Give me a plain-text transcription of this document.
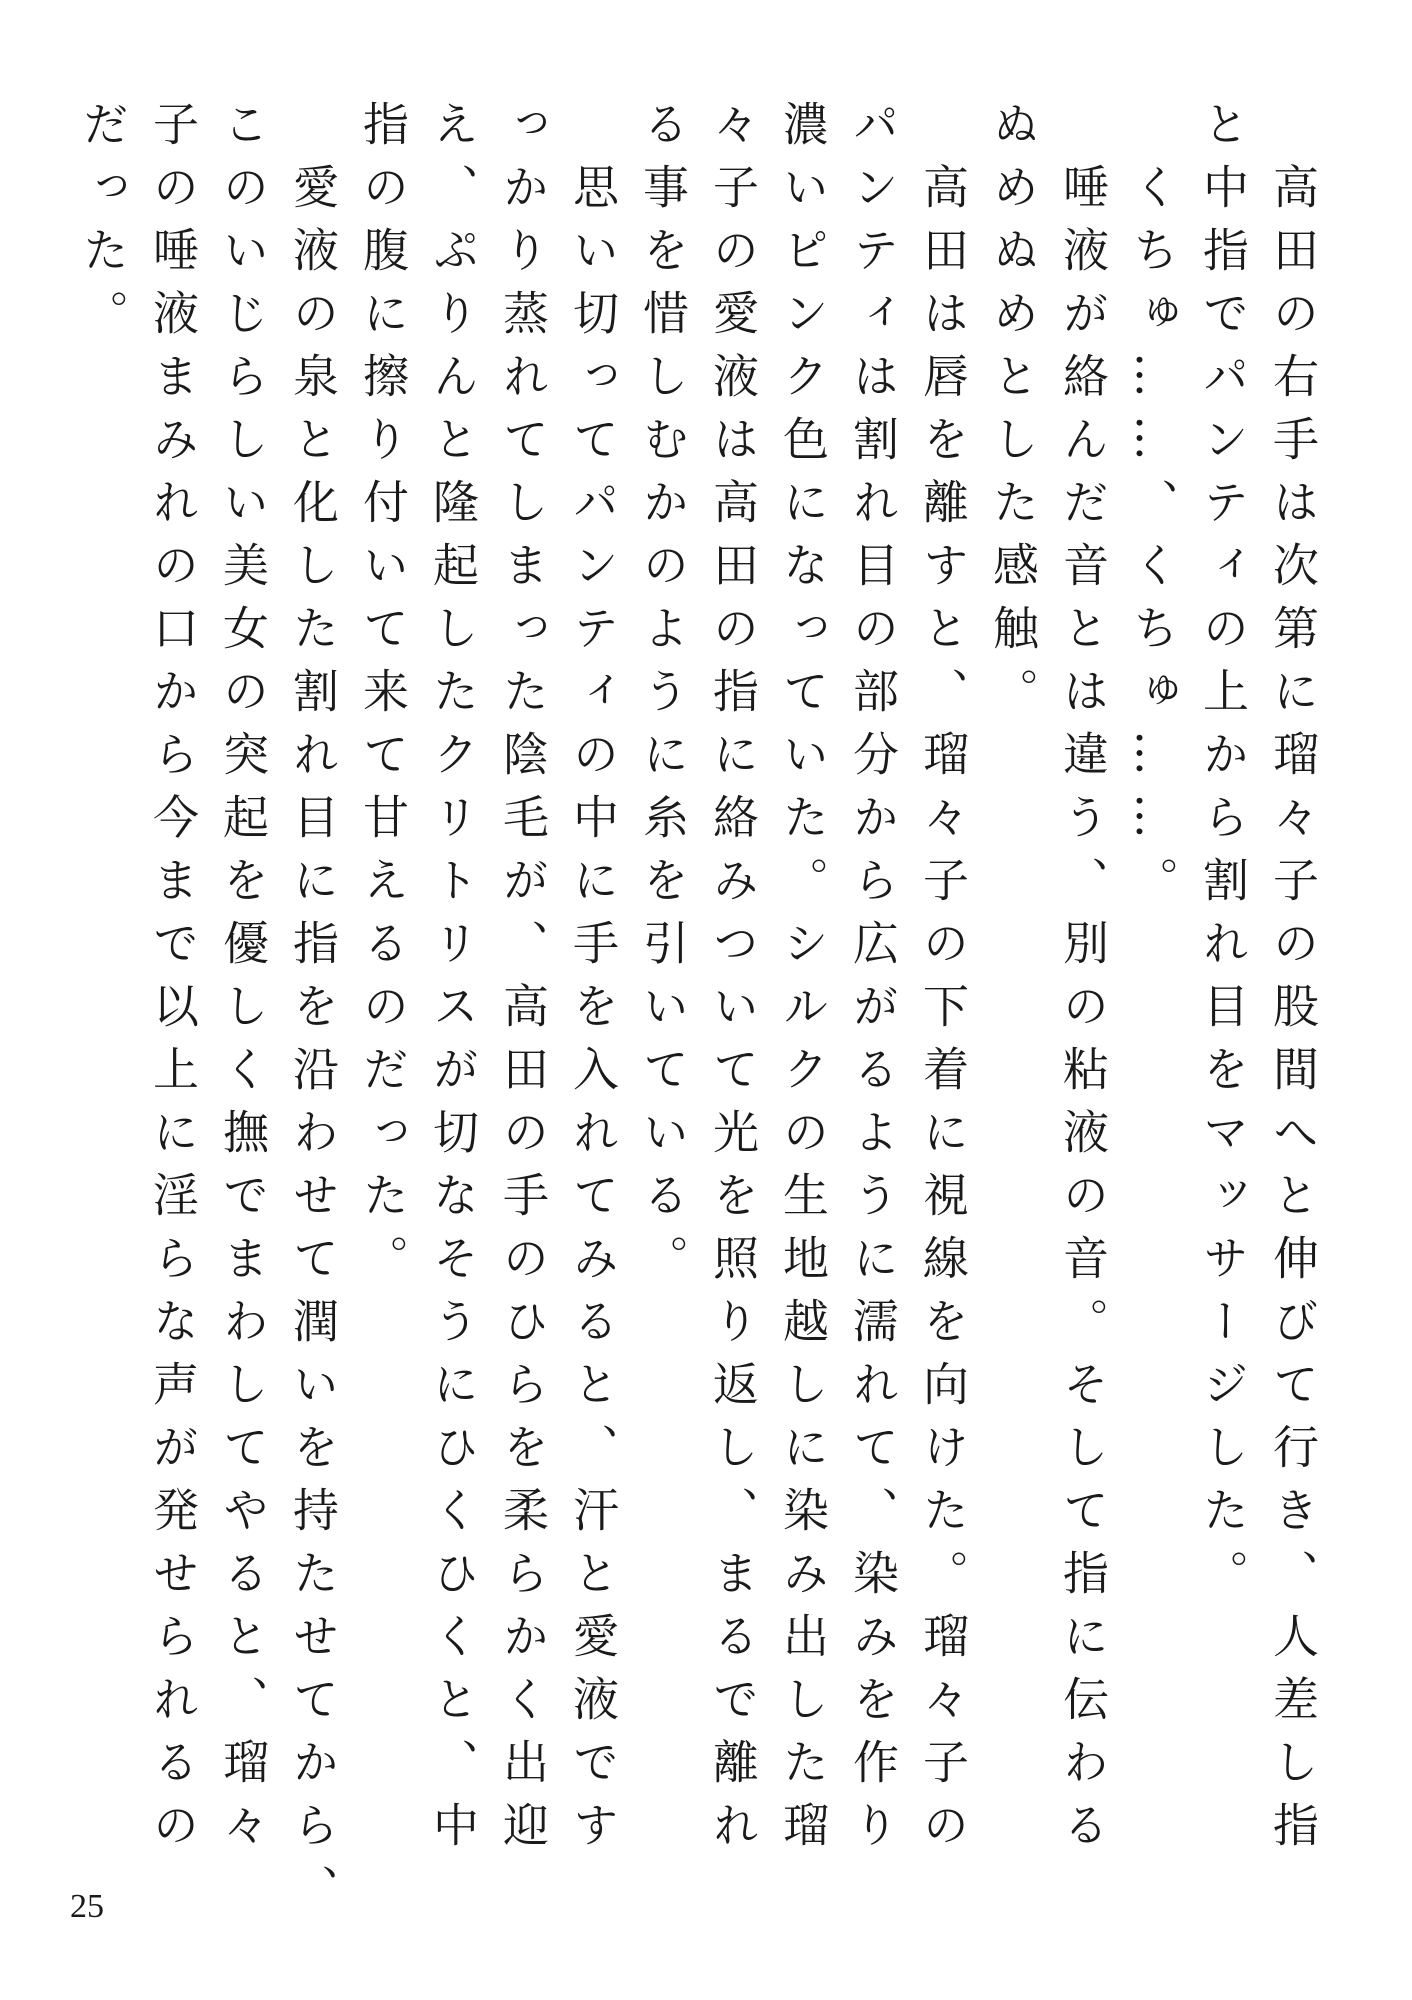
　高田の右手は次第に瑠々子の股間へと伸びて行き、人差し指
と中指でパンティの上から割れ目をマッサージした。
　くちゅ……、くちゅ……。
　唾液が絡んだ音とは違う、別の粘液の音。そして指に伝わる
ぬめぬめとした感触。
　高田は唇を離すと、瑠々子の下着に視線を向けた。瑠々子の
パンティは割れ目の部分から広がるように濡れて、染みを作り
濃いピンク色になっていた。シルクの生地越しに染み出した瑠
々子の愛液は高田の指に絡みついて光を照り返し、まるで離れ
る事を惜しむかのように糸を引いている。
　思い切ってパンティの中に手を入れてみると、汗と愛液です
っかり蒸れてしまった陰毛が、高田の手のひらを柔らかく出迎
え、ぷりんと隆起したクリトリスが切なそうにひくひくと、中
指の腹に擦り付いて来て甘えるのだった。
　愛液の泉と化した割れ目に指を沿わせて潤いを持たせてから、
このいじらしい美女の突起を優しく撫でまわしてやると、瑠々
子の唾液まみれの口から今まで以上に淫らな声が発せられるの
だった。
25
